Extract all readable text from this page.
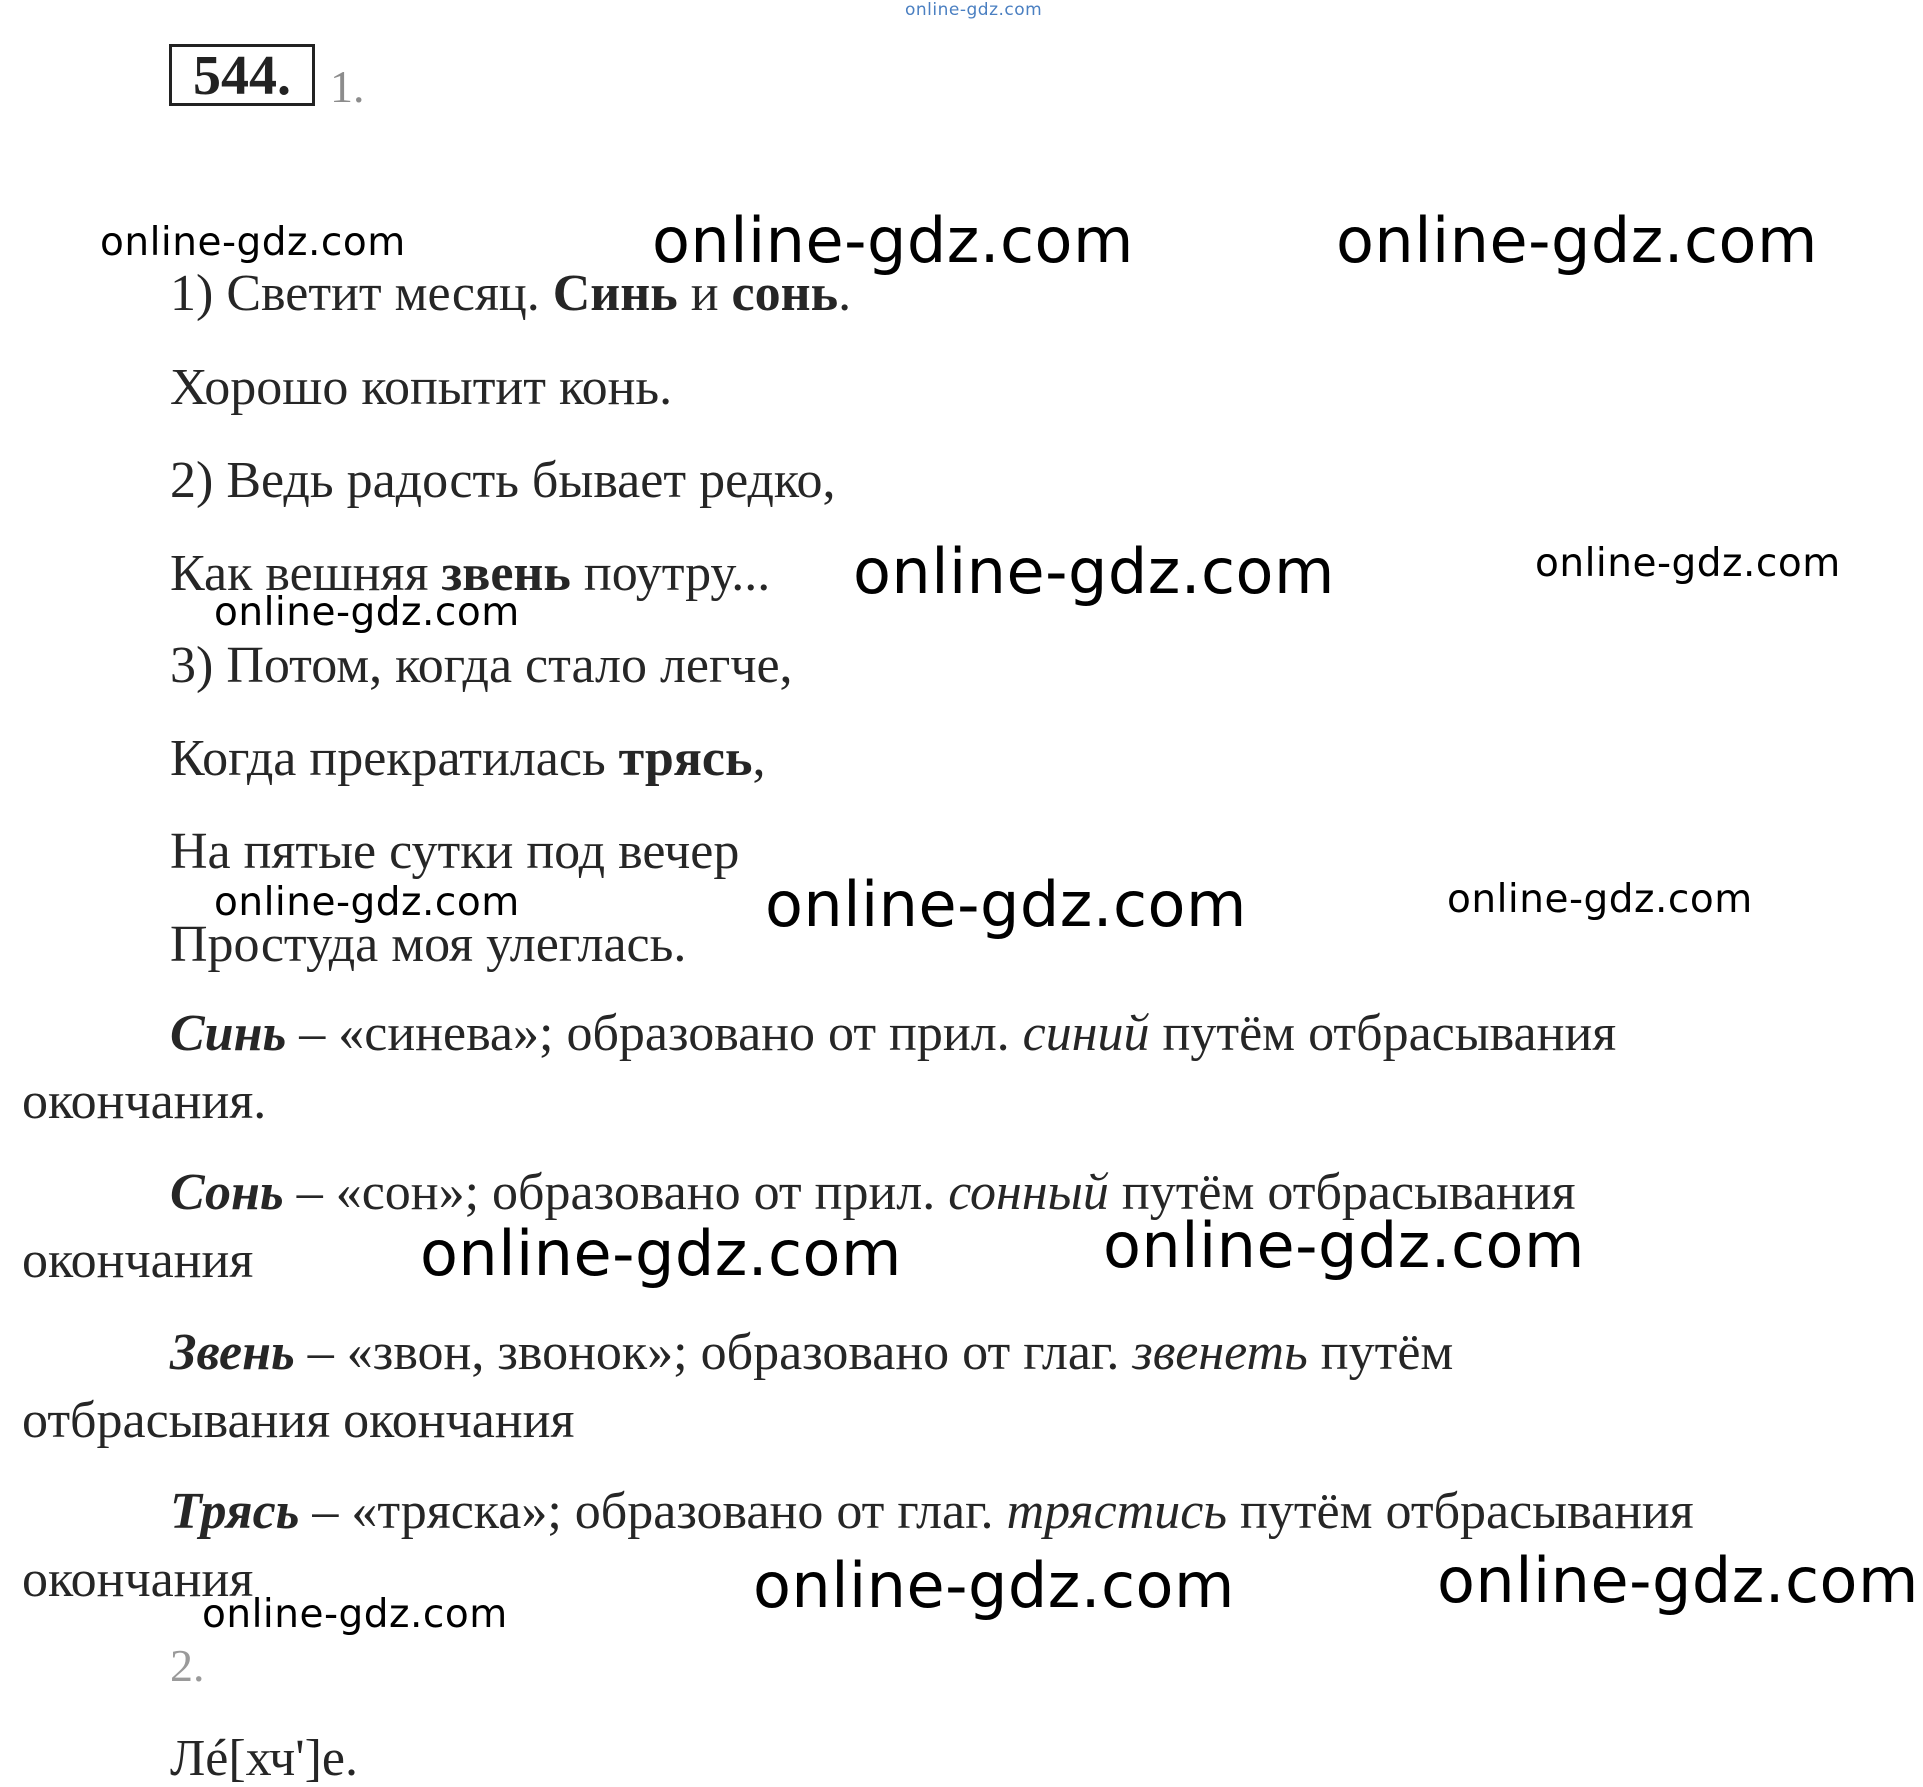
online-gdz.com
544. 1.
1) Светит месяц. Синь и сонь.
Хорошо копытит конь.
2) Ведь радость бывает редко,
Как вешняя звень поутру...
3) Потом, когда стало легче,
Когда прекратилась трясь,
На пятые сутки под вечер
Простуда моя улеглась.
Синь – «синева»; образовано от прил. синий путём отбрасывания
окончания.
Сонь – «сон»; образовано от прил. сонный путём отбрасывания
окончания
Звень – «звон, звонок»; образовано от глаг. звенеть путём
отбрасывания окончания
Трясь – «тряска»; образовано от глаг. трястись путём отбрасывания
окончания
2.
Лé[хч']е.
online-gdz.com	online-gdz.com	online-gdz.com
online-gdz.com	online-gdz.com
online-gdz.com
online-gdz.com	online-gdz.com	online-gdz.com
online-gdz.com	online-gdz.com
online-gdz.com	online-gdz.com
online-gdz.com
